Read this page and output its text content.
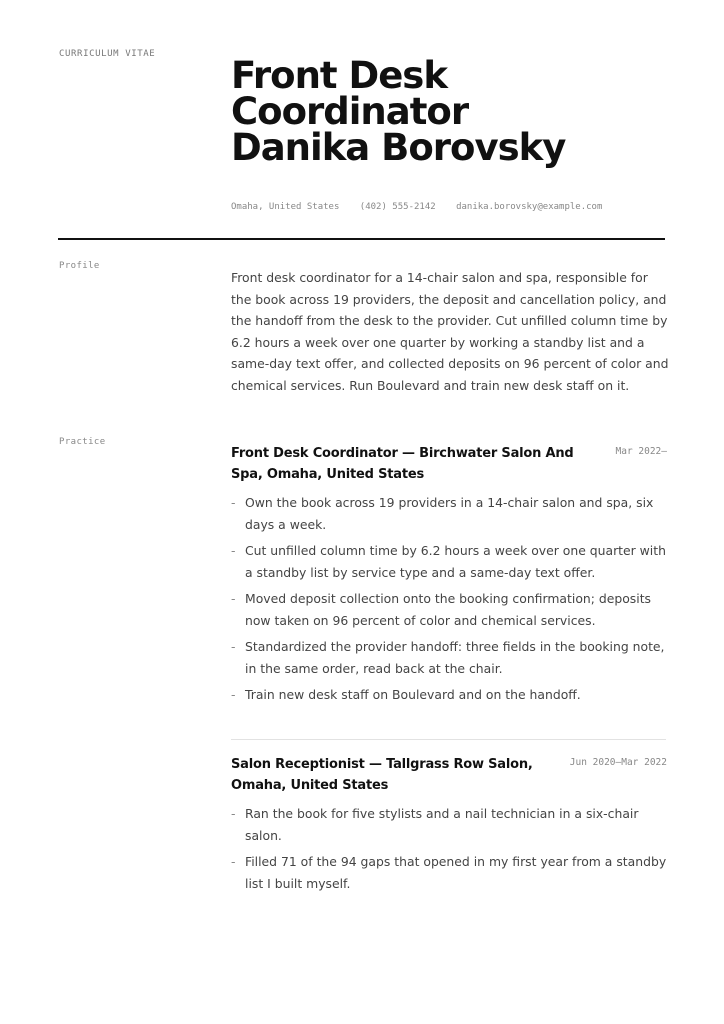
CURRICULUM VITAE Front Desk
Coordinator
Danika Borovsky
Omaha, United States (402) 555-2142 danika.borovsky@example.com
Profile

Front desk coordinator for a 14-chair salon and spa, responsible for the book across 19 providers, the deposit and cancellation policy, and the handoff from the desk to the provider. Cut unfilled column time by 6.2 hours a week over one quarter by working a standby list and a same-day text offer, and collected deposits on 96 percent of color and chemical services. Run Boulevard and train new desk staff on it.

Practice
Front Desk Coordinator — Birchwater Salon And Spa, Omaha, United States
Mar 2022–
- Own the book across 19 providers in a 14-chair salon and spa, six days a week.
- Cut unfilled column time by 6.2 hours a week over one quarter with a standby list by service type and a same-day text offer.
- Moved deposit collection onto the booking confirmation; deposits now taken on 96 percent of color and chemical services.
- Standardized the provider handoff: three fields in the booking note, in the same order, read back at the chair.
- Train new desk staff on Boulevard and on the handoff.
Salon Receptionist — Tallgrass Row Salon, Omaha, United States
Jun 2020–Mar 2022
- Ran the book for five stylists and a nail technician in a six-chair salon.
- Filled 71 of the 94 gaps that opened in my first year from a standby list I built myself.
